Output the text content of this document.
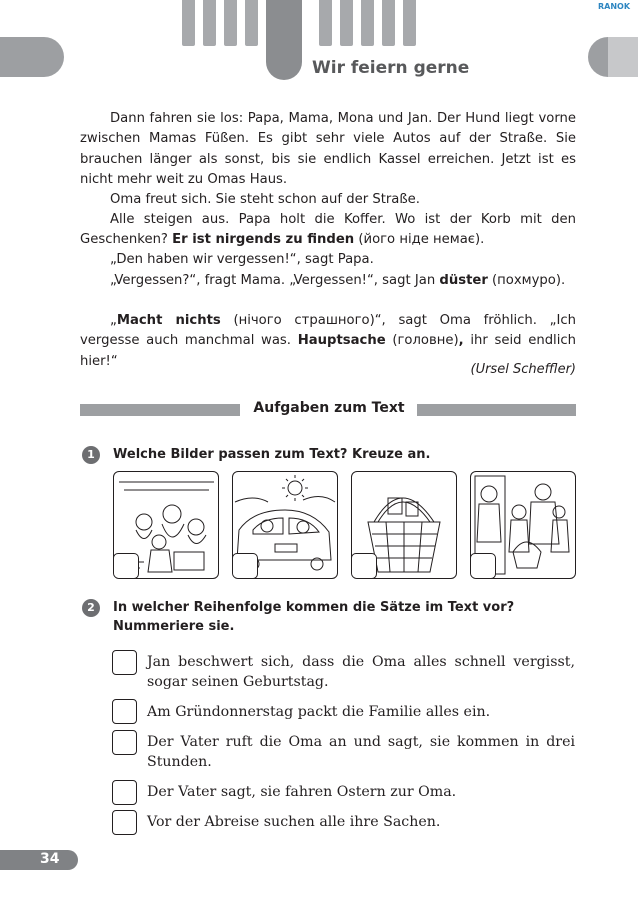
RANOK
Wir feiern gerne
Dann fahren sie los: Papa, Mama, Mona und Jan. Der Hund liegt vorne zwischen Mamas Füßen. Es gibt sehr viele Autos auf der Straße. Sie brauchen länger als sonst, bis sie endlich Kassel erreichen. Jetzt ist es nicht mehr weit zu Omas Haus.
Oma freut sich. Sie steht schon auf der Straße.
Alle steigen aus. Papa holt die Koffer. Wo ist der Korb mit den Geschenken? Er ist nirgends zu finden (його ніде немає).
„Den haben wir vergessen!“, sagt Papa.
„Vergessen?“, fragt Mama. „Vergessen!“, sagt Jan düster (похмуро).
„Macht nichts (нічого страшного)“, sagt Oma fröhlich. „Ich vergesse auch manchmal was. Hauptsache (головне), ihr seid endlich hier!“
(Ursel Scheffler)
Aufgaben zum Text
1	Welche Bilder passen zum Text? Kreuze an.
2	In welcher Reihenfolge kommen die Sätze im Text vor? Nummeriere sie.
Jan beschwert sich, dass die Oma alles schnell vergisst, sogar seinen Geburtstag.
Am Gründonnerstag packt die Familie alles ein.
Der Vater ruft die Oma an und sagt, sie kommen in drei Stunden.
Der Vater sagt, sie fahren Ostern zur Oma.
Vor der Abreise suchen alle ihre Sachen.
34
